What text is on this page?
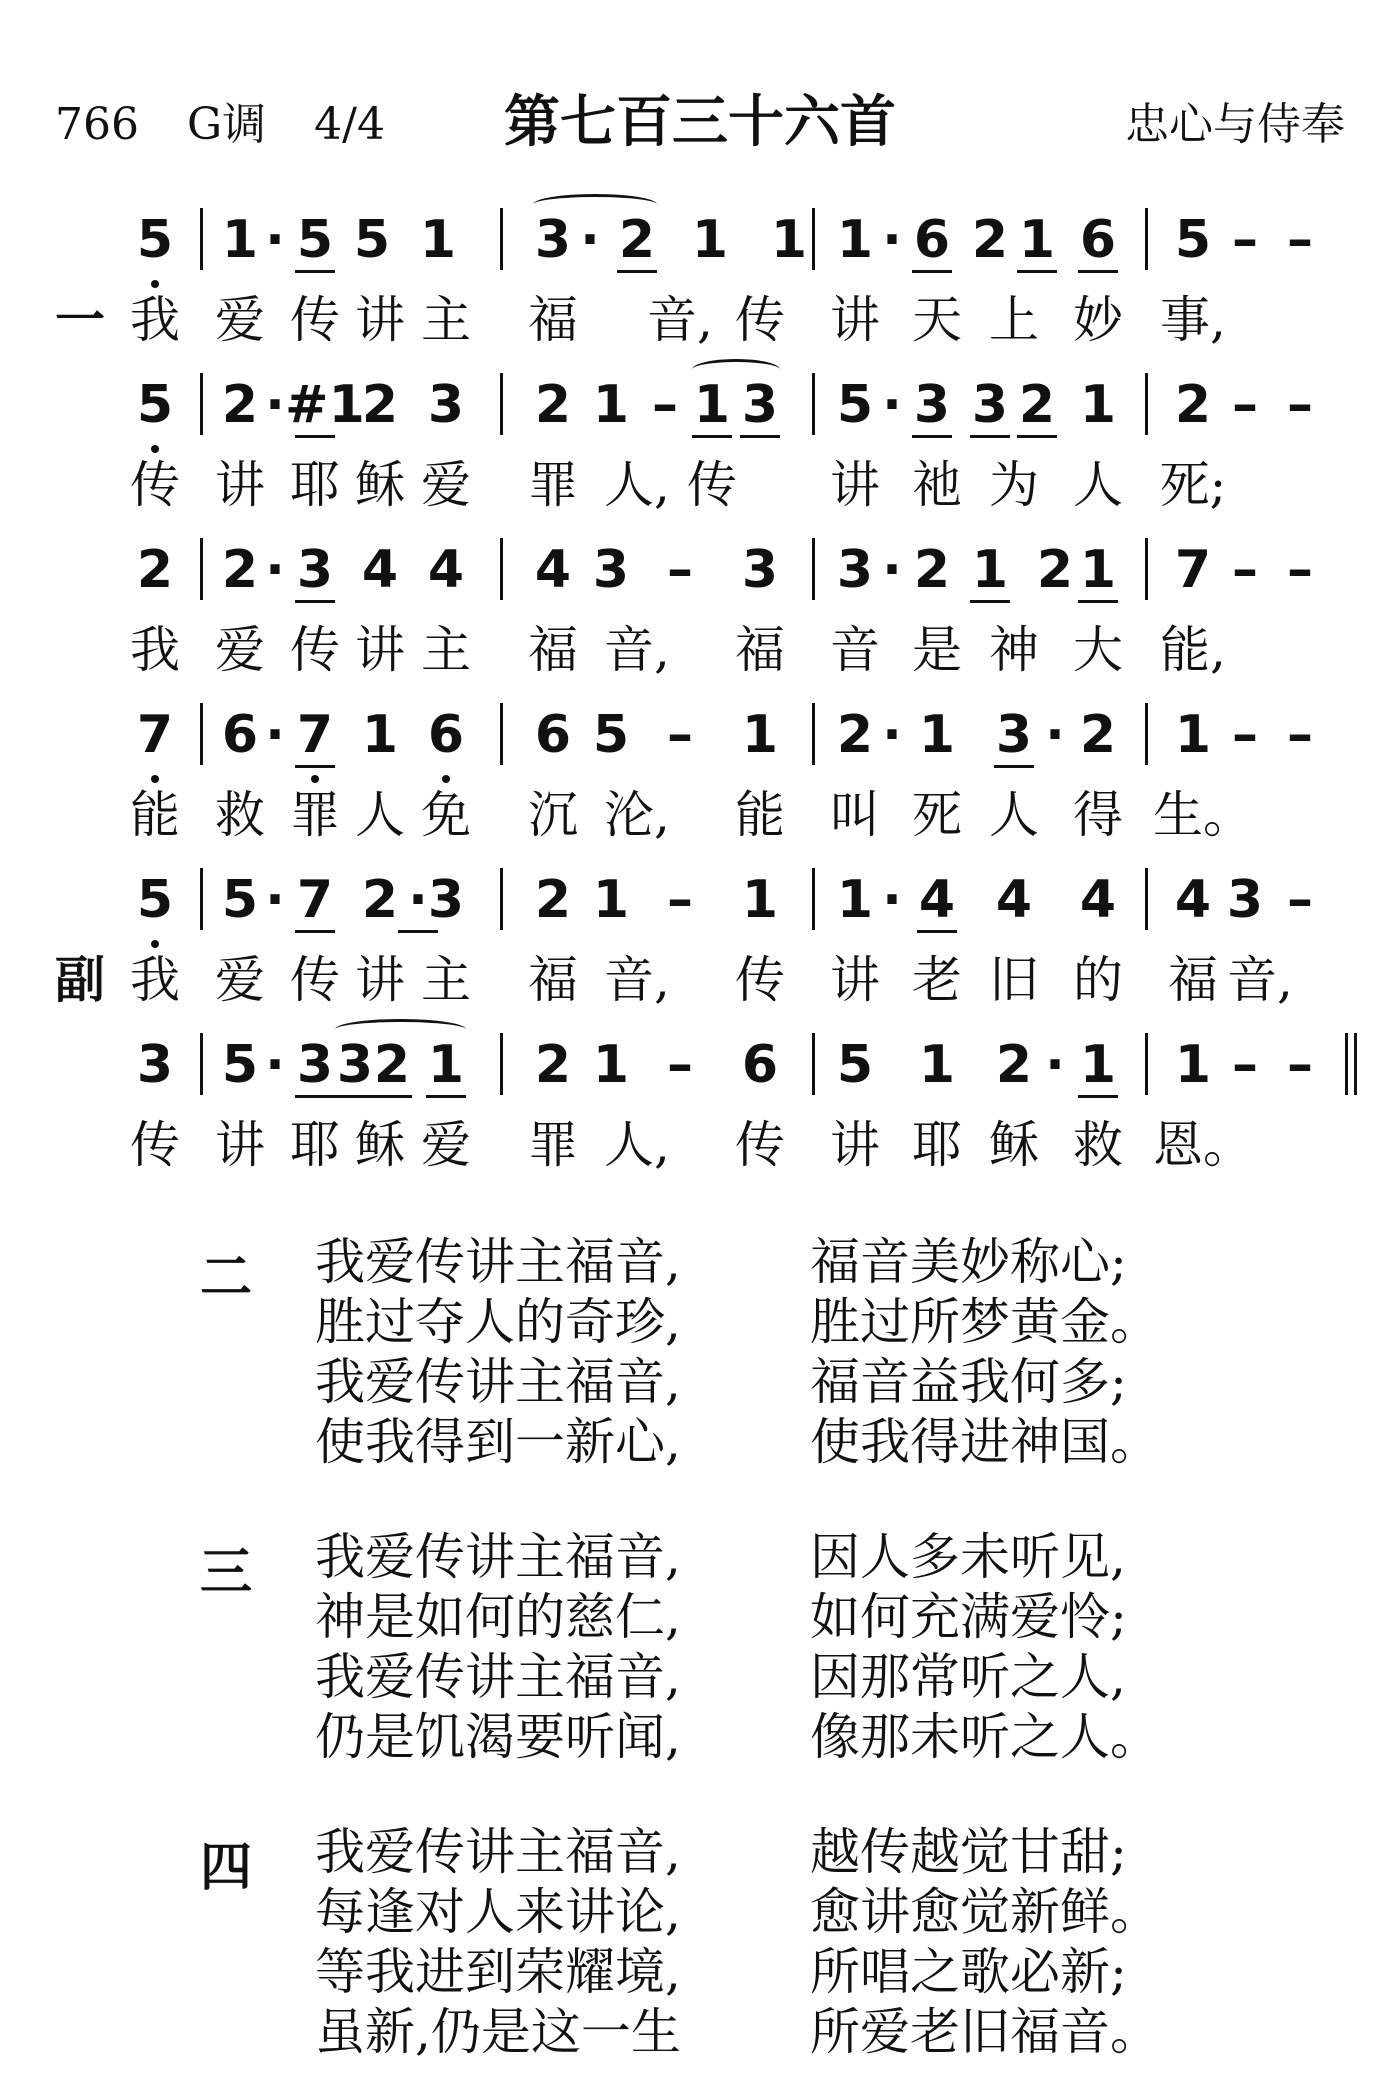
766 G调 4/4	第七百三十六首	忠心与侍奉
5 1 · 5 5 1 3 · 2 1 1 1 · 6 2 1 6 5 – –
一 我 爱 传 讲 主	福	音, 传 讲 天 上 妙 事,
5 2 · #1
2 3 2 1 – 1 3 5 · 3 3 2 1 2 – –
传 讲 耶 稣 爱	罪 人, 传	讲 祂 为 人 死;
2 2 · 3 4 4 4 3 – 3 3 · 2 1 2 1 7 – –
我 爱 传 讲 主	福 音,	福 音 是 神 大 能,
7 6 · 7 1 6 6 5 – 1 2 · 1 3 · 2 1 – –
能 救 罪 人 免	沉 沦,	能 叫 死 人 得 生。
5 5 · 7 2 · 3 2 1 – 1 1 · 4 4 4 4 3 –
副 我 爱 传 讲 主	福 音,	传 讲 老 旧 的 福 音,
3 5 · 3 3 2 1 2 1 – 6 5 1 2 · 1 1 – –
传 讲 耶 稣 爱	罪 人,	传 讲 耶 稣 救 恩。
二 我爱传讲主福音,	福音美妙称心;
胜过夺人的奇珍,	胜过所梦黄金。
我爱传讲主福音,	福音益我何多;
使我得到一新心,	使我得进神国。
三 我爱传讲主福音,	因人多未听见,
神是如何的慈仁,	如何充满爱怜;
我爱传讲主福音,	因那常听之人,
仍是饥渴要听闻,	像那未听之人。
四 我爱传讲主福音,	越传越觉甘甜;
每逢对人来讲论,	愈讲愈觉新鲜。
等我进到荣耀境,	所唱之歌必新;
虽新,仍是这一生	所爱老旧福音。
